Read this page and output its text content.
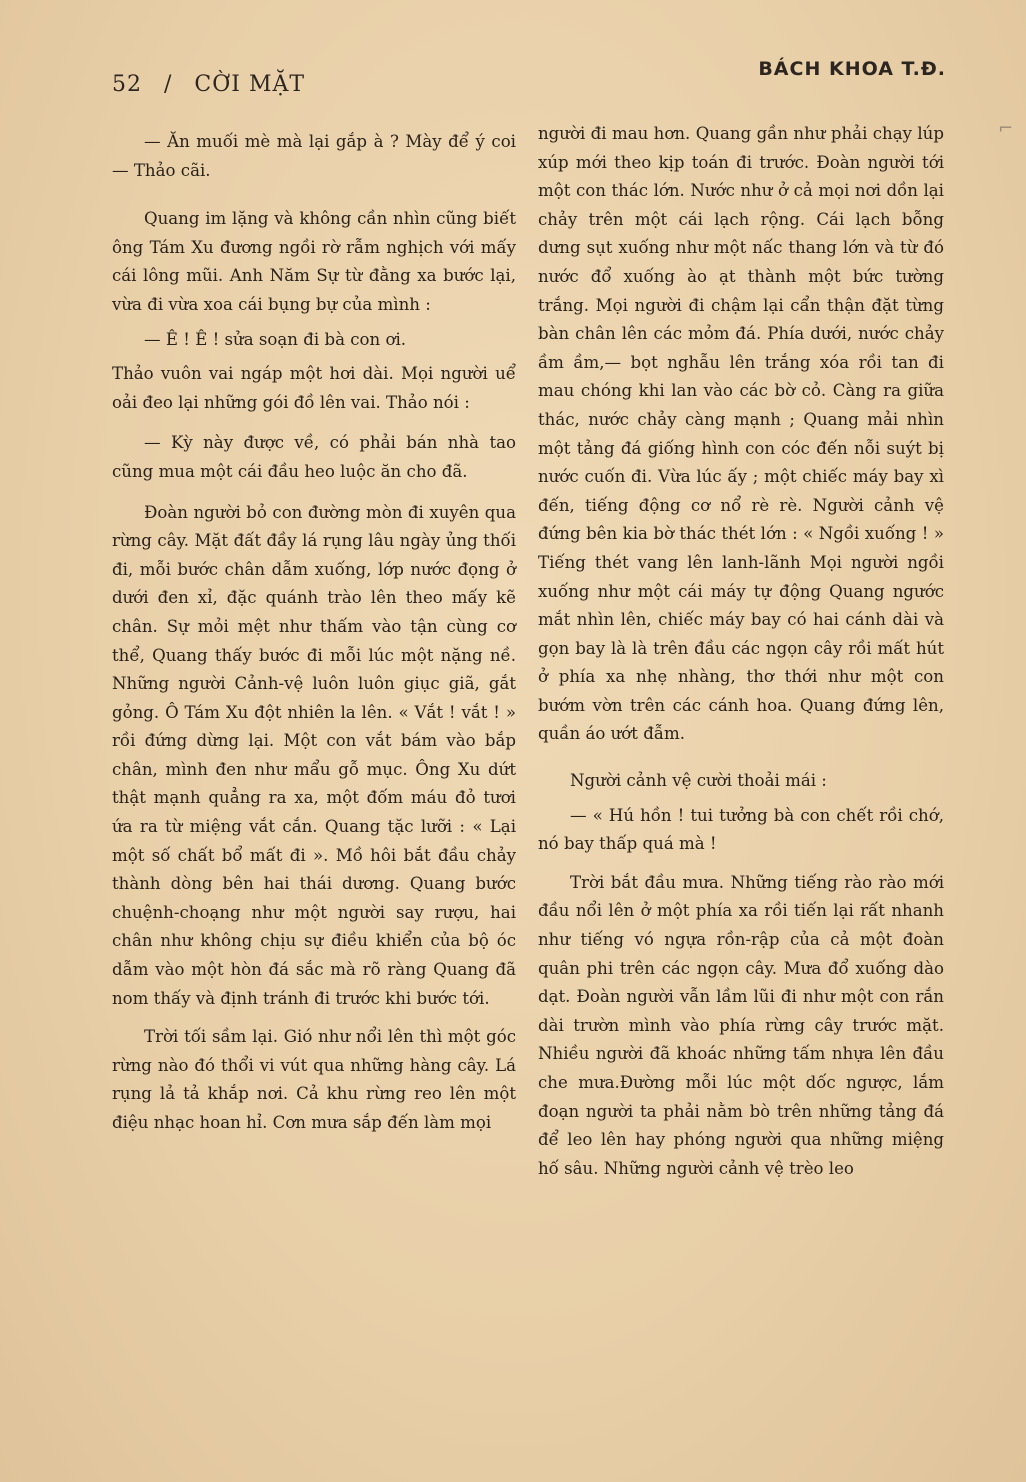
52 / CỜI MẶT
BÁCH KHOA T.Đ.

— Ăn muối mè mà lại gắp à ? Mày để ý coi — Thảo cãi.

Quang im lặng và không cần nhìn cũng biết ông Tám Xu đương ngồi rờ rẫm nghịch với mấy cái lông mũi. Anh Năm Sự từ đằng xa bước lại, vừa đi vừa xoa cái bụng bự của mình :

— Ê ! Ê ! sửa soạn đi bà con ơi.

Thảo vuôn vai ngáp một hơi dài. Mọi người uể oải đeo lại những gói đồ lên vai. Thảo nói :

— Kỳ này được về, có phải bán nhà tao cũng mua một cái đầu heo luộc ăn cho đã.

Đoàn người bỏ con đường mòn đi xuyên qua rừng cây. Mặt đất đầy lá rụng lâu ngày ủng thối đi, mỗi bước chân dẫm xuống, lớp nước đọng ở dưới đen xỉ, đặc quánh trào lên theo mấy kẽ chân. Sự mỏi mệt như thấm vào tận cùng cơ thể, Quang thấy bước đi mỗi lúc một nặng nề. Những người Cảnh-vệ luôn luôn giục giã, gắt gỏng. Ô Tám Xu đột nhiên la lên. « Vắt ! vắt ! » rồi đứng dừng lại. Một con vắt bám vào bắp chân, mình đen như mẩu gỗ mục. Ông Xu dứt thật mạnh quẳng ra xa, một đốm máu đỏ tươi ứa ra từ miệng vắt cắn. Quang tặc lưỡi : « Lại một số chất bổ mất đi ». Mồ hôi bắt đầu chảy thành dòng bên hai thái dương. Quang bước chuệnh-choạng như một người say rượu, hai chân như không chịu sự điều khiển của bộ óc dẫm vào một hòn đá sắc mà rõ ràng Quang đã nom thấy và định tránh đi trước khi bước tới.

Trời tối sầm lại. Gió như nổi lên thì một góc rừng nào đó thổi vi vút qua những hàng cây. Lá rụng lả tả khắp nơi. Cả khu rừng reo lên một điệu nhạc hoan hỉ. Cơn mưa sắp đến làm mọi

người đi mau hơn. Quang gần như phải chạy lúp xúp mới theo kịp toán đi trước. Đoàn người tới một con thác lớn. Nước như ở cả mọi nơi dồn lại chảy trên một cái lạch rộng. Cái lạch bỗng dưng sụt xuống như một nấc thang lớn và từ đó nước đổ xuống ào ạt thành một bức tường trắng. Mọi người đi chậm lại cẩn thận đặt từng bàn chân lên các mỏm đá. Phía dưới, nước chảy ầm ầm,— bọt nghẫu lên trắng xóa rồi tan đi mau chóng khi lan vào các bờ cỏ. Càng ra giữa thác, nước chảy càng mạnh ; Quang mải nhìn một tảng đá giống hình con cóc đến nỗi suýt bị nước cuốn đi. Vừa lúc ấy ; một chiếc máy bay xì đến, tiếng động cơ nổ rè rè. Người cảnh vệ đứng bên kia bờ thác thét lớn : « Ngồi xuống ! » Tiếng thét vang lên lanh-lãnh Mọi người ngồi xuống như một cái máy tự động Quang ngước mắt nhìn lên, chiếc máy bay có hai cánh dài và gọn bay là là trên đầu các ngọn cây rồi mất hút ở phía xa nhẹ nhàng, thơ thới như một con bướm vờn trên các cánh hoa. Quang đứng lên, quần áo ướt đẫm.

Người cảnh vệ cười thoải mái :

— « Hú hồn ! tui tưởng bà con chết rồi chớ, nó bay thấp quá mà !

Trời bắt đầu mưa. Những tiếng rào rào mới đầu nổi lên ở một phía xa rồi tiến lại rất nhanh như tiếng vó ngựa rồn-rập của cả một đoàn quân phi trên các ngọn cây. Mưa đổ xuống dào dạt. Đoàn người vẫn lầm lũi đi như một con rắn dài trườn mình vào phía rừng cây trước mặt. Nhiều người đã khoác những tấm nhựa lên đầu che mưa.Đường mỗi lúc một dốc ngược, lắm đoạn người ta phải nằm bò trên những tảng đá để leo lên hay phóng người qua những miệng hố sâu. Những người cảnh vệ trèo leo

⌐
